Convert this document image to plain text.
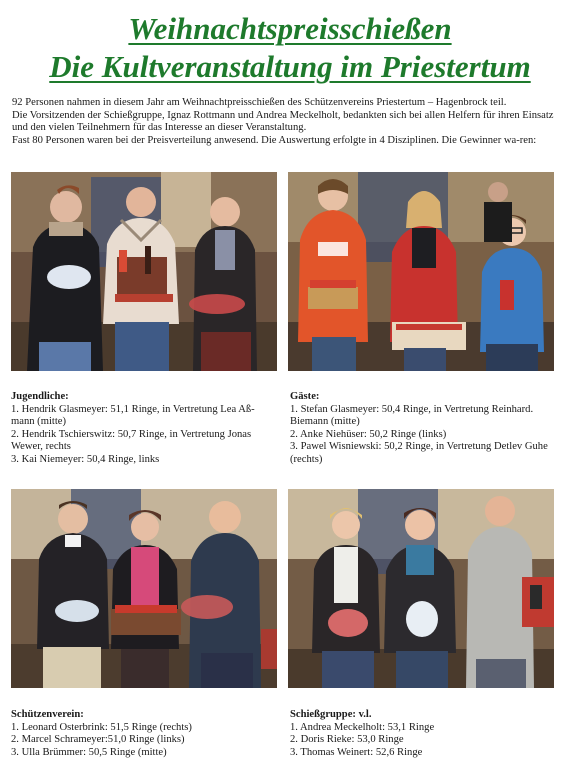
Weihnachtspreisschießen
Die Kultveranstaltung im Priestertum

92 Personen nahmen in diesem Jahr am Weihnachtpreisschießen des Schützenvereins Priestertum – Hagenbrock teil.

Die Vorsitzenden der Schießgruppe, Ignaz Rottmann und Andrea Meckelholt, bedankten sich bei allen Helfern für ihren Einsatz und den vielen Teilnehmern für das Interesse an dieser Veranstaltung.

Fast 80 Personen waren bei der Preisverteilung anwesend. Die Auswertung erfolgte in 4 Disziplinen. Die Gewinner wa-ren:

Jugendliche:

1. Hendrik Glasmeyer: 51,1 Ringe, in Vertretung Lea Aß-mann (mitte)
2. Hendrik Tschierswitz: 50,7 Ringe, in Vertretung Jonas Wewer, rechts
3. Kai Niemeyer: 50,4 Ringe, links

Gäste:

1. Stefan Glasmeyer: 50,4 Ringe, in Vertretung Reinhard. Biemann (mitte)
2. Anke Niehüser: 50,2 Ringe (links)
3. Pawel Wisniewski: 50,2 Ringe, in Vertretung Detlev Guhe (rechts)

Schützenverein:

1. Leonard Osterbrink: 51,5 Ringe (rechts)
2. Marcel Schrameyer:51,0 Ringe (links)
3. Ulla Brümmer: 50,5 Ringe (mitte)

Schießgruppe: v.l.

1. Andrea Meckelholt: 53,1 Ringe
2. Doris Rieke: 53,0 Ringe
3. Thomas Weinert: 52,6 Ringe
